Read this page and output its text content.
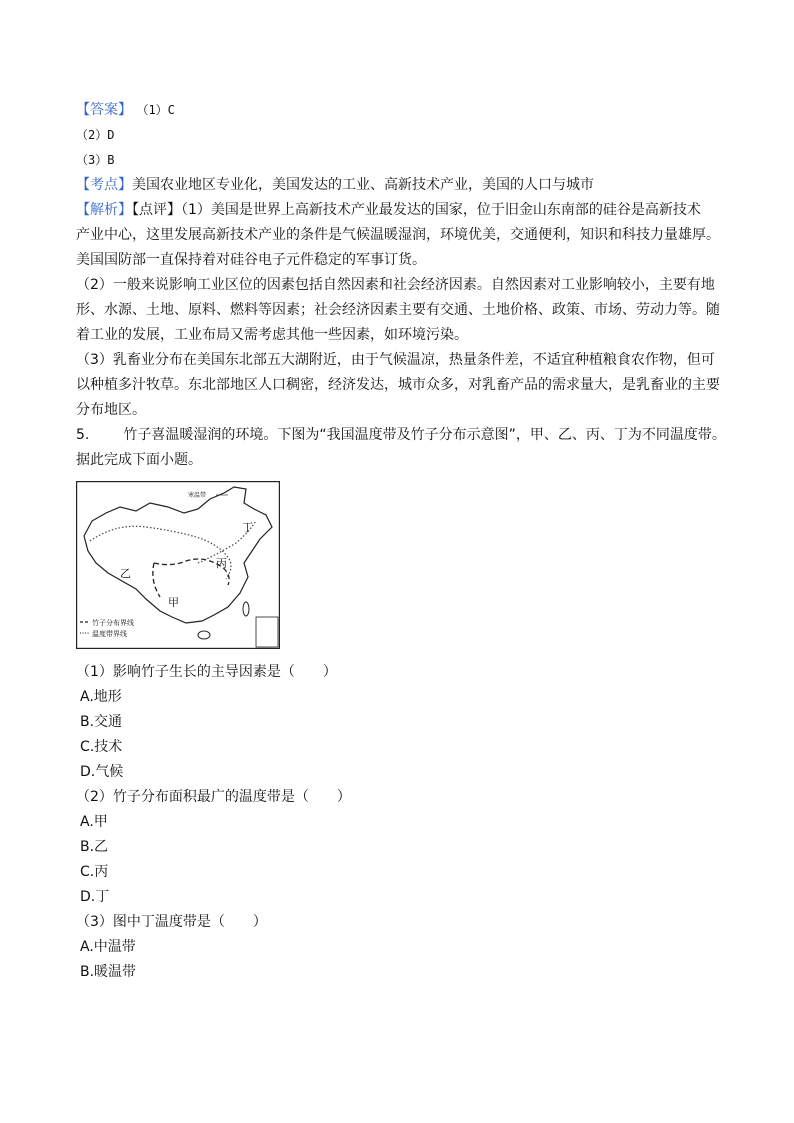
【答案】 （1）C
（2）D
（3）B
【考点】美国农业地区专业化，美国发达的工业、高新技术产业，美国的人口与城市
【解析】【点评】（1）美国是世界上高新技术产业最发达的国家，位于旧金山东南部的硅谷是高新技术
产业中心，这里发展高新技术产业的条件是气候温暖湿润，环境优美，交通便利，知识和科技力量雄厚。
美国国防部一直保持着对硅谷电子元件稳定的军事订货。
（2）一般来说影响工业区位的因素包括自然因素和社会经济因素。自然因素对工业影响较小，主要有地
形、水源、土地、原料、燃料等因素；社会经济因素主要有交通、土地价格、政策、市场、劳动力等。随
着工业的发展，工业布局又需考虑其他一些因素，如环境污染。
（3）乳畜业分布在美国东北部五大湖附近，由于气候温凉，热量条件差，不适宜种植粮食农作物，但可
以种植多汁牧草。东北部地区人口稠密，经济发达，城市众多，对乳畜产品的需求量大，是乳畜业的主要
分布地区。
5. 竹子喜温暖湿润的环境。下图为“我国温度带及竹子分布示意图”，甲、乙、丙、丁为不同温度带。
据此完成下面小题。
甲
乙
丙
丁
寒温带
竹子分布界线
温度带界线
（1）影响竹子生长的主导因素是（　　）
A.地形
B.交通
C.技术
D.气候
（2）竹子分布面积最广的温度带是（　　）
A.甲
B.乙
C.丙
D.丁
（3）图中丁温度带是（　　）
A.中温带
B.暖温带
